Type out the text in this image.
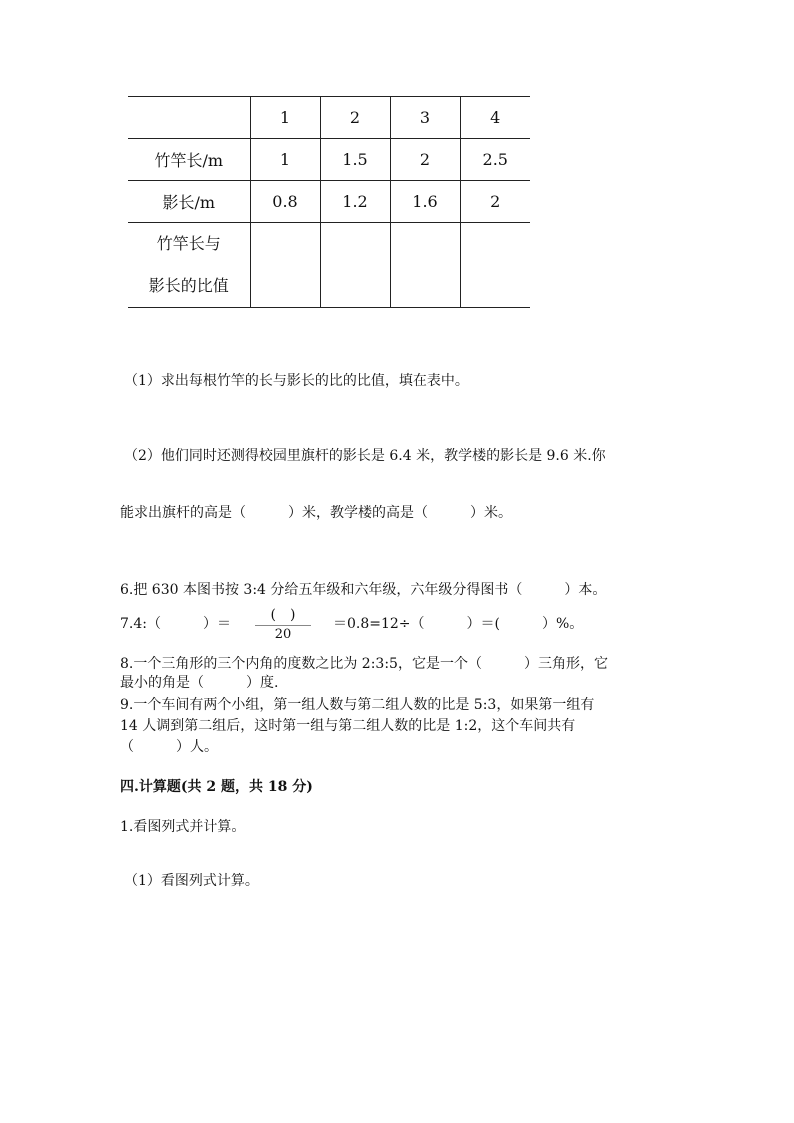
	1	2	3	4
竹竿长/m	1	1.5	2	2.5
影长/m	0.8	1.2	1.6	2

竹竿长与
影长的比值				

（1）求出每根竹竿的长与影长的比的比值，填在表中。
（2）他们同时还测得校园里旗杆的影长是 6.4 米，教学楼的影长是 9.6 米.你
能求出旗杆的高是（　　　）米，教学楼的高是（　　　）米。
6.把 630 本图书按 3:4 分给五年级和六年级，六年级分得图书（　　　）本。
7.4:（　　　）＝
(　)
20
＝0.8=12÷（　　　）＝(　　　）%。
8.一个三角形的三个内角的度数之比为 2:3:5，它是一个（　　　）三角形，它
最小的角是（　　　）度.
9.一个车间有两个小组，第一组人数与第二组人数的比是 5:3，如果第一组有
14 人调到第二组后，这时第一组与第二组人数的比是 1:2，这个车间共有
（　　　）人。
四.计算题(共 2 题，共 18 分)
1.看图列式并计算。
（1）看图列式计算。
